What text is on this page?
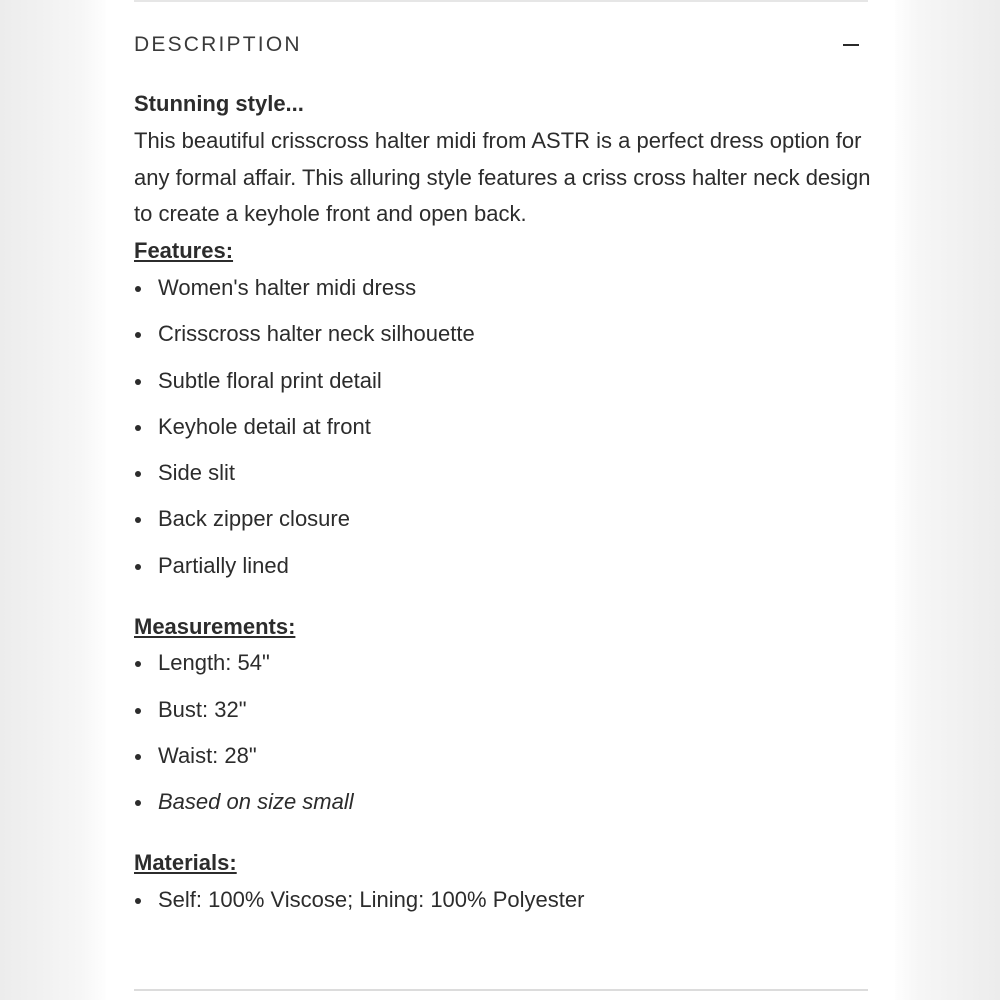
DESCRIPTION

Stunning style...

This beautiful crisscross halter midi from ASTR is a perfect dress option for any formal affair. This alluring style features a criss cross halter neck design to create a keyhole front and open back.

Features:

Women's halter midi dress
Crisscross halter neck silhouette
Subtle floral print detail
Keyhole detail at front
Side slit
Back zipper closure
Partially lined

Measurements:

Length: 54"
Bust: 32"
Waist: 28"
Based on size small

Materials:

Self: 100% Viscose; Lining: 100% Polyester
